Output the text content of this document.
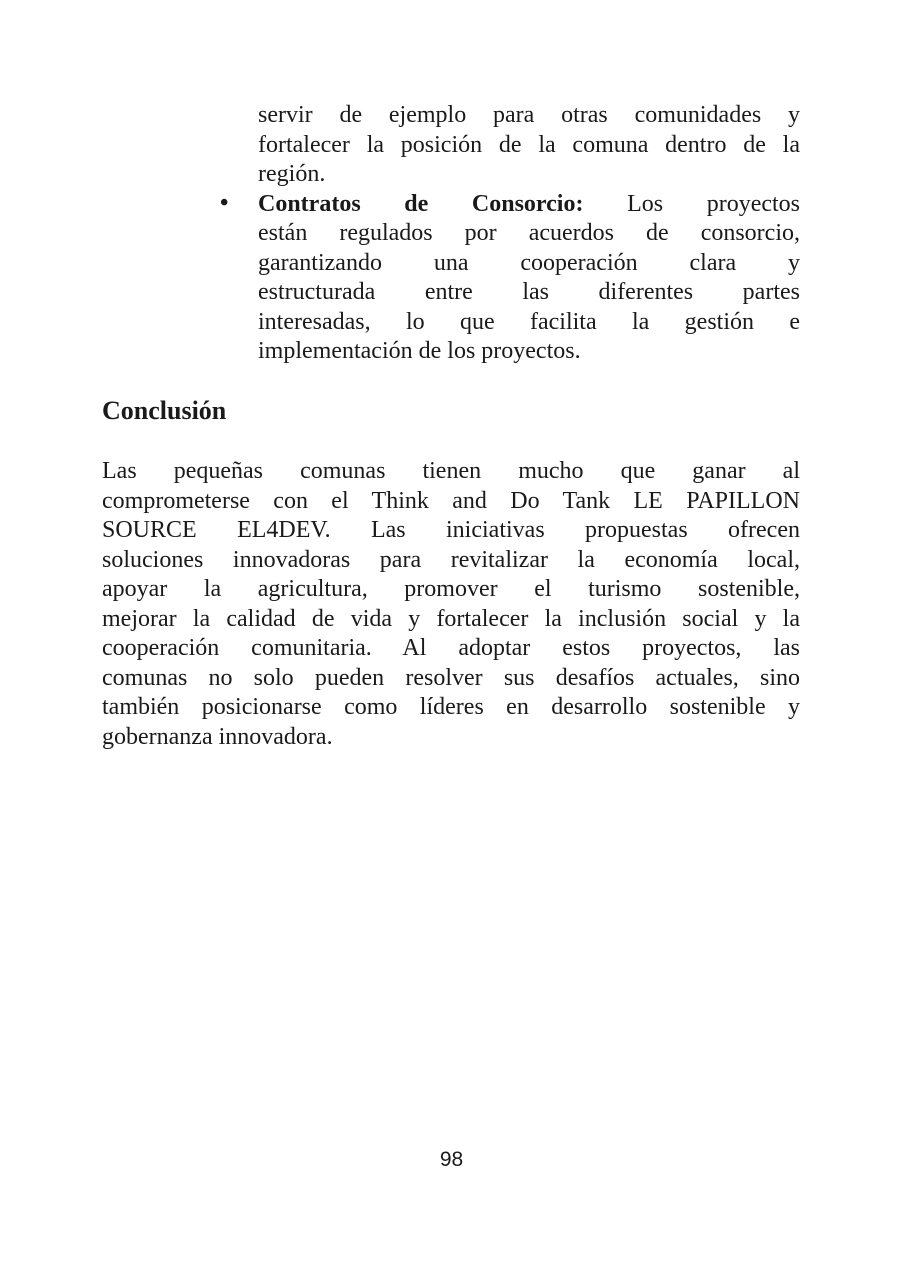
servir de ejemplo para otras comunidades y
fortalecer la posición de la comuna dentro de la
región.
• Contratos de Consorcio: Los proyectos
están regulados por acuerdos de consorcio,
garantizando una cooperación clara y
estructurada entre las diferentes partes
interesadas, lo que facilita la gestión e
implementación de los proyectos.
Conclusión
Las pequeñas comunas tienen mucho que ganar al
comprometerse con el Think and Do Tank LE PAPILLON
SOURCE EL4DEV. Las iniciativas propuestas ofrecen
soluciones innovadoras para revitalizar la economía local,
apoyar la agricultura, promover el turismo sostenible,
mejorar la calidad de vida y fortalecer la inclusión social y la
cooperación comunitaria. Al adoptar estos proyectos, las
comunas no solo pueden resolver sus desafíos actuales, sino
también posicionarse como líderes en desarrollo sostenible y
gobernanza innovadora.
98
